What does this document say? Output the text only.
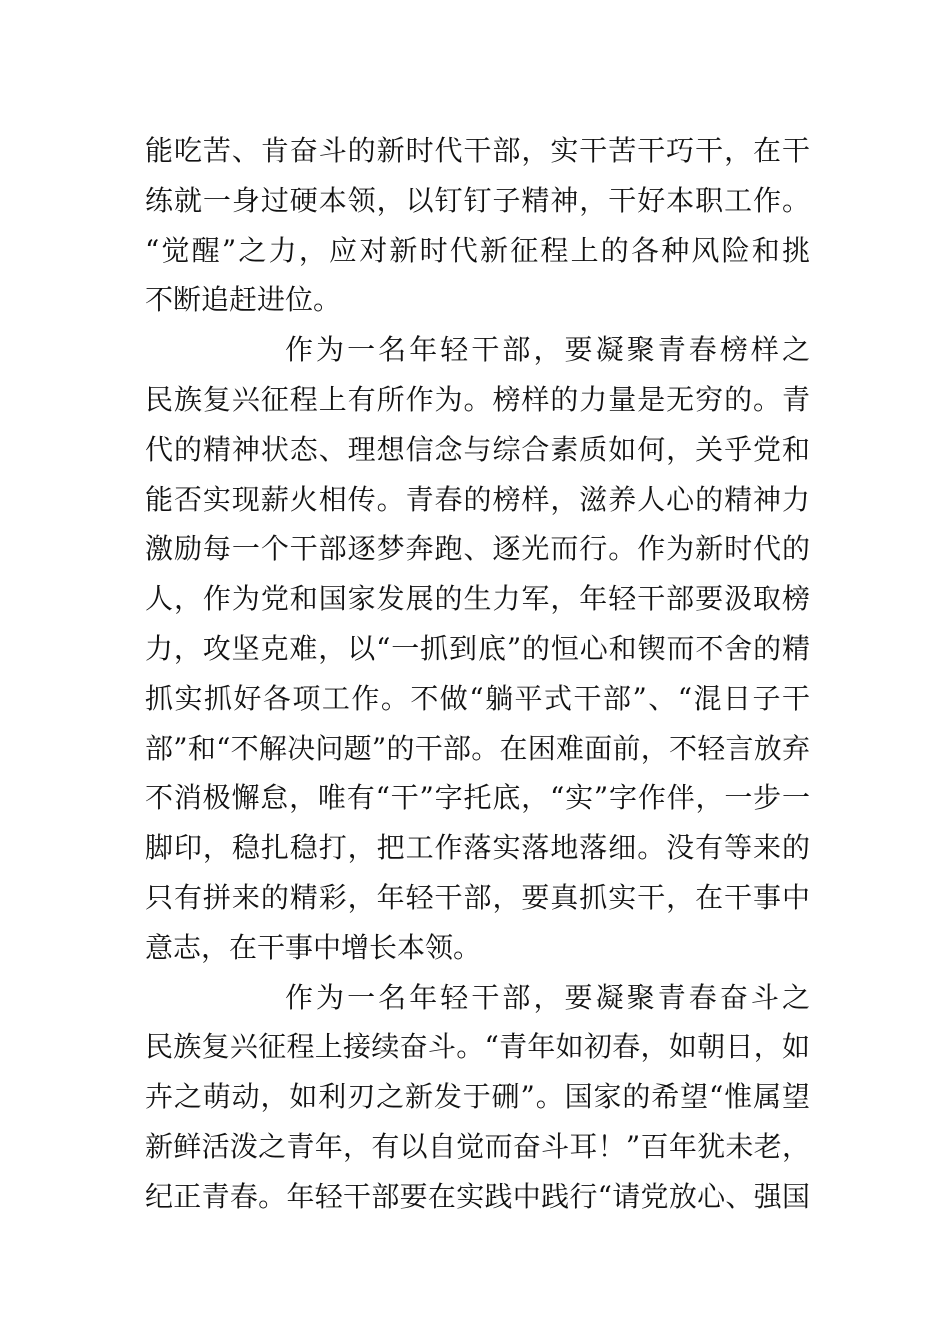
能吃苦、肯奋斗的新时代干部，实干苦干巧干，在干
练就一身过硬本领，以钉钉子精神，干好本职工作。
“觉醒”之力，应对新时代新征程上的各种风险和挑
不断追赶进位。
作为一名年轻干部，要凝聚青春榜样之
民族复兴征程上有所作为。榜样的力量是无穷的。青
代的精神状态、理想信念与综合素质如何，关乎党和
能否实现薪火相传。青春的榜样，滋养人心的精神力
激励每一个干部逐梦奔跑、逐光而行。作为新时代的
人，作为党和国家发展的生力军，年轻干部要汲取榜
力，攻坚克难，以“一抓到底”的恒心和锲而不舍的精
抓实抓好各项工作。不做“躺平式干部”、“混日子干
部”和“不解决问题”的干部。在困难面前，不轻言放弃
不消极懈怠，唯有“干”字托底，“实”字作伴，一步一
脚印，稳扎稳打，把工作落实落地落细。没有等来的
只有拼来的精彩，年轻干部，要真抓实干，在干事中
意志，在干事中增长本领。
作为一名年轻干部，要凝聚青春奋斗之
民族复兴征程上接续奋斗。“青年如初春，如朝日，如
卉之萌动，如利刃之新发于硎”。国家的希望“惟属望
新鲜活泼之青年，有以自觉而奋斗耳！”百年犹未老，
纪正青春。年轻干部要在实践中践行“请党放心、强国
